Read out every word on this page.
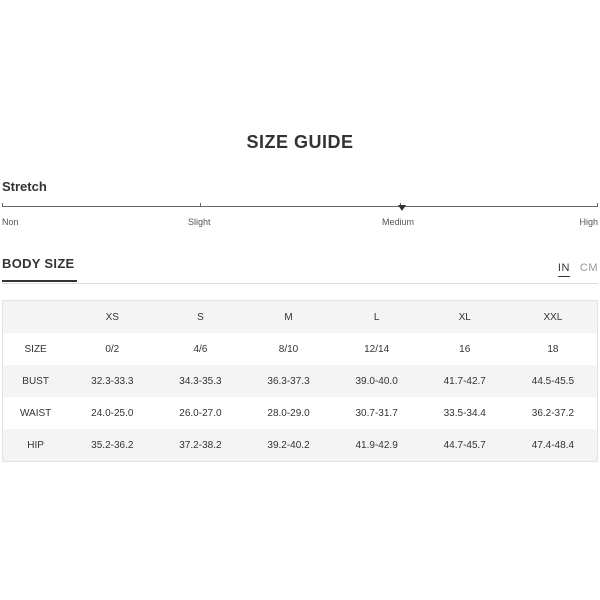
SIZE GUIDE
Stretch
Non	Slight	Medium	High
BODY SIZE	IN CM
	XS	S	M	L	XL	XXL
SIZE	0/2	4/6	8/10	12/14	16	18
BUST	32.3-33.3	34.3-35.3	36.3-37.3	39.0-40.0	41.7-42.7	44.5-45.5
WAIST	24.0-25.0	26.0-27.0	28.0-29.0	30.7-31.7	33.5-34.4	36.2-37.2
HIP	35.2-36.2	37.2-38.2	39.2-40.2	41.9-42.9	44.7-45.7	47.4-48.4
